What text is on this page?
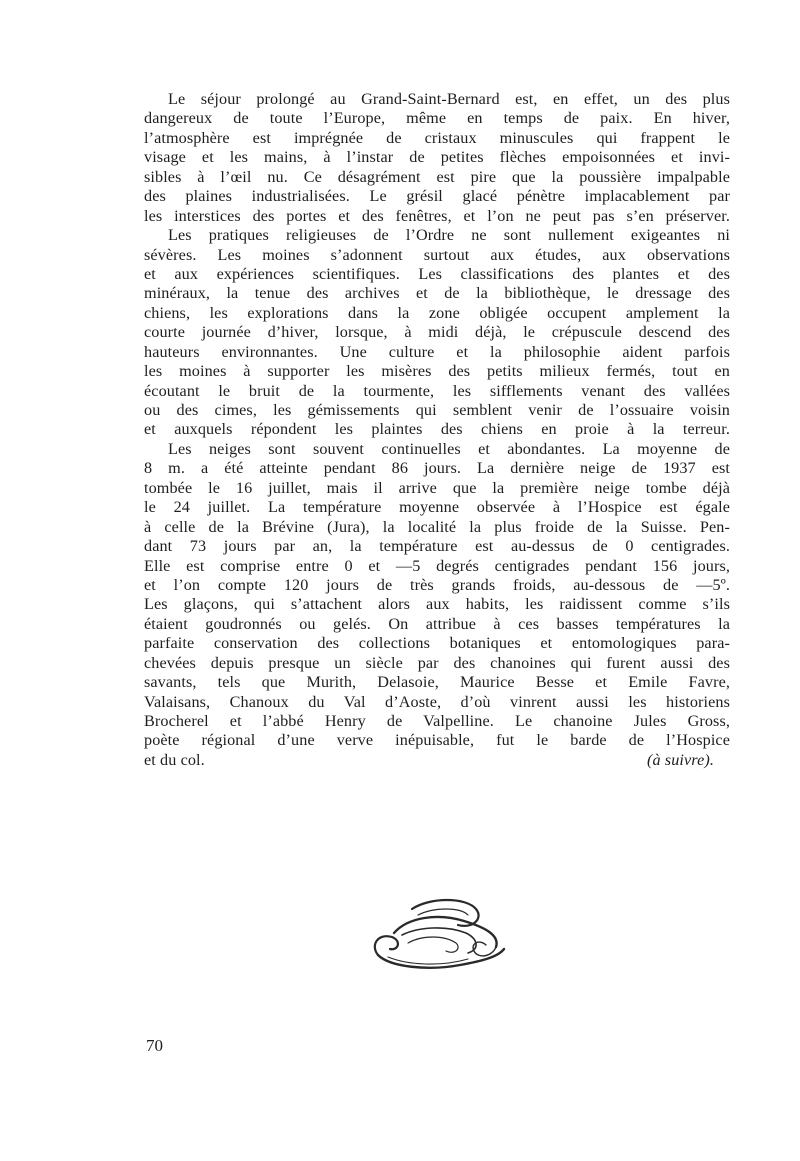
Le séjour prolongé au Grand-Saint-Bernard est, en effet, un des plus
dangereux de toute l’Europe, même en temps de paix. En hiver,
l’atmosphère est imprégnée de cristaux minuscules qui frappent le
visage et les mains, à l’instar de petites flèches empoisonnées et invi-
sibles à l’œil nu. Ce désagrément est pire que la poussière impalpable
des plaines industrialisées. Le grésil glacé pénètre implacablement par
les interstices des portes et des fenêtres, et l’on ne peut pas s’en préserver.
Les pratiques religieuses de l’Ordre ne sont nullement exigeantes ni
sévères. Les moines s’adonnent surtout aux études, aux observations
et aux expériences scientifiques. Les classifications des plantes et des
minéraux, la tenue des archives et de la bibliothèque, le dressage des
chiens, les explorations dans la zone obligée occupent amplement la
courte journée d’hiver, lorsque, à midi déjà, le crépuscule descend des
hauteurs environnantes. Une culture et la philosophie aident parfois
les moines à supporter les misères des petits milieux fermés, tout en
écoutant le bruit de la tourmente, les sifflements venant des vallées
ou des cimes, les gémissements qui semblent venir de l’ossuaire voisin
et auxquels répondent les plaintes des chiens en proie à la terreur.
Les neiges sont souvent continuelles et abondantes. La moyenne de
8 m. a été atteinte pendant 86 jours. La dernière neige de 1937 est
tombée le 16 juillet, mais il arrive que la première neige tombe déjà
le 24 juillet. La température moyenne observée à l’Hospice est égale
à celle de la Brévine (Jura), la localité la plus froide de la Suisse. Pen-
dant 73 jours par an, la température est au-dessus de 0 centigrades.
Elle est comprise entre 0 et —5 degrés centigrades pendant 156 jours,
et l’on compte 120 jours de très grands froids, au-dessous de —5º.
Les glaçons, qui s’attachent alors aux habits, les raidissent comme s’ils
étaient goudronnés ou gelés. On attribue à ces basses températures la
parfaite conservation des collections botaniques et entomologiques para-
chevées depuis presque un siècle par des chanoines qui furent aussi des
savants, tels que Murith, Delasoie, Maurice Besse et Emile Favre,
Valaisans, Chanoux du Val d’Aoste, d’où vinrent aussi les historiens
Brocherel et l’abbé Henry de Valpelline. Le chanoine Jules Gross,
poète régional d’une verve inépuisable, fut le barde de l’Hospice
et du col.	(à suivre).
70
